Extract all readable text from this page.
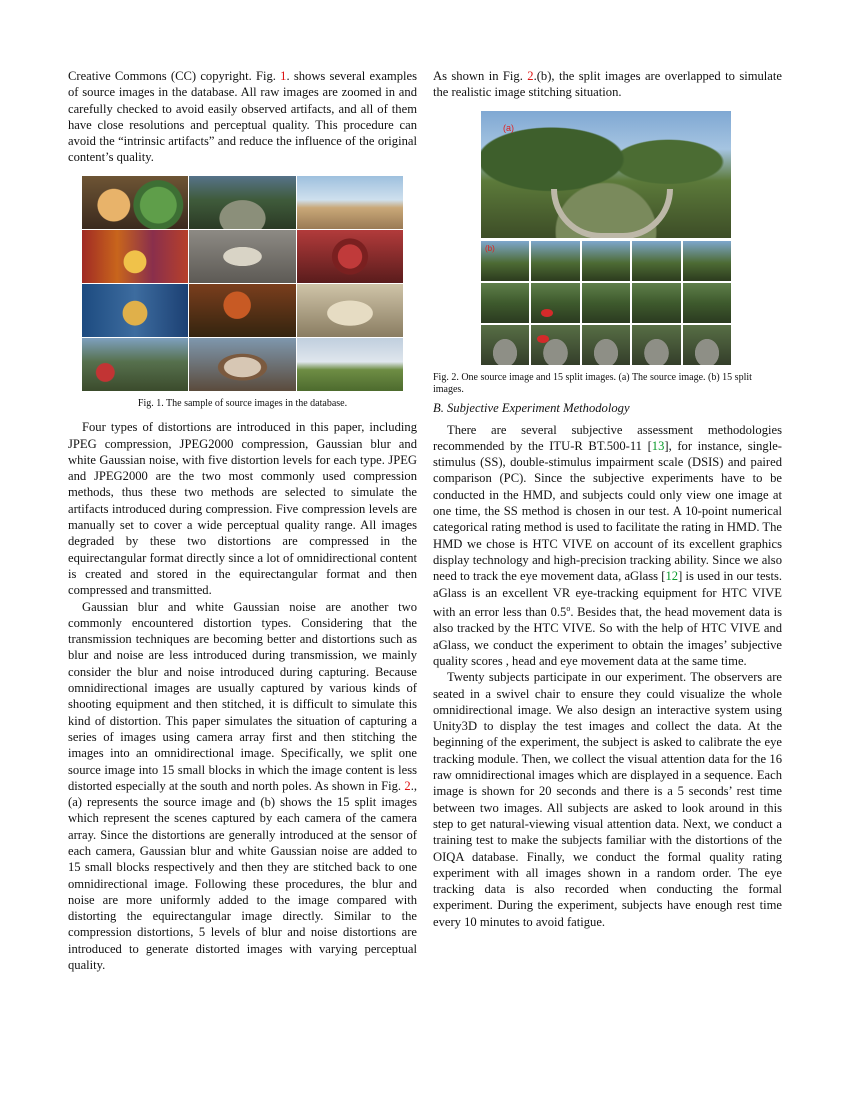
Creative Commons (CC) copyright. Fig. 1. shows several examples of source images in the database. All raw images are zoomed in and carefully checked to avoid easily observed artifacts, and all of them have close resolutions and perceptual quality. This procedure can avoid the “intrinsic artifacts” and reduce the influence of the original content’s quality.

Fig. 1. The sample of source images in the database.

Four types of distortions are introduced in this paper, including JPEG compression, JPEG2000 compression, Gaussian blur and white Gaussian noise, with five distortion levels for each type. JPEG and JPEG2000 are the two most commonly used compression methods, thus these two methods are selected to simulate the artifacts introduced during compression. Five compression levels are manually set to cover a wide perceptual quality range. All images degraded by these two distortions are compressed in the equirectangular format directly since a lot of omnidirectional content is created and stored in the equirectangular format and then compressed and transmitted.

Gaussian blur and white Gaussian noise are another two commonly encountered distortion types. Considering that the transmission techniques are becoming better and distortions such as blur and noise are less introduced during transmission, we mainly consider the blur and noise introduced during capturing. Because omnidirectional images are usually captured by various kinds of shooting equipment and then stitched, it is difficult to simulate this kind of distortion. This paper simulates the situation of capturing a series of images using camera array first and then stitching the images into an omnidirectional image. Specifically, we split one source image into 15 small blocks in which the image content is less distorted especially at the south and north poles. As shown in Fig. 2., (a) represents the source image and (b) shows the 15 split images which represent the scenes captured by each camera of the camera array. Since the distortions are generally introduced at the sensor of each camera, Gaussian blur and white Gaussian noise are added to 15 small blocks respectively and then they are stitched back to one omnidirectional image. Following these procedures, the blur and noise are more uniformly added to the image compared with distorting the equirectangular image directly. Similar to the compression distortions, 5 levels of blur and noise distortions are introduced to generate distorted images with varying perceptual quality.

As shown in Fig. 2.(b), the split images are overlapped to simulate the realistic image stitching situation.

(a)
(b)

Fig. 2. One source image and 15 split images. (a) The source image. (b) 15 split images.

B. Subjective Experiment Methodology

There are several subjective assessment methodologies recommended by the ITU-R BT.500-11 [13], for instance, single-stimulus (SS), double-stimulus impairment scale (DSIS) and paired comparison (PC). Since the subjective experiments have to be conducted in the HMD, and subjects could only view one image at one time, the SS method is chosen in our test. A 10-point numerical categorical rating method is used to facilitate the rating in HMD. The HMD we chose is HTC VIVE on account of its excellent graphics display technology and high-precision tracking ability. Since we also need to track the eye movement data, aGlass [12] is used in our tests. aGlass is an excellent VR eye-tracking equipment for HTC VIVE with an error less than 0.5$^o$. Besides that, the head movement data is also tracked by the HTC VIVE. So with the help of HTC VIVE and aGlass, we conduct the experiment to obtain the images’ subjective quality scores , head and eye movement data at the same time.

Twenty subjects participate in our experiment. The observers are seated in a swivel chair to ensure they could visualize the whole omnidirectional image. We also design an interactive system using Unity3D to display the test images and collect the data. At the beginning of the experiment, the subject is asked to calibrate the eye tracking module. Then, we collect the visual attention data for the 16 raw omnidirectional images which are displayed in a sequence. Each image is shown for 20 seconds and there is a 5 seconds’ rest time between two images. All subjects are asked to look around in this step to get natural-viewing visual attention data. Next, we conduct a training test to make the subjects familiar with the distortions of the OIQA database. Finally, we conduct the formal quality rating experiment with all images shown in a random order. The eye tracking data is also recorded when conducting the formal experiment. During the experiment, subjects have enough rest time every 10 minutes to avoid fatigue.
